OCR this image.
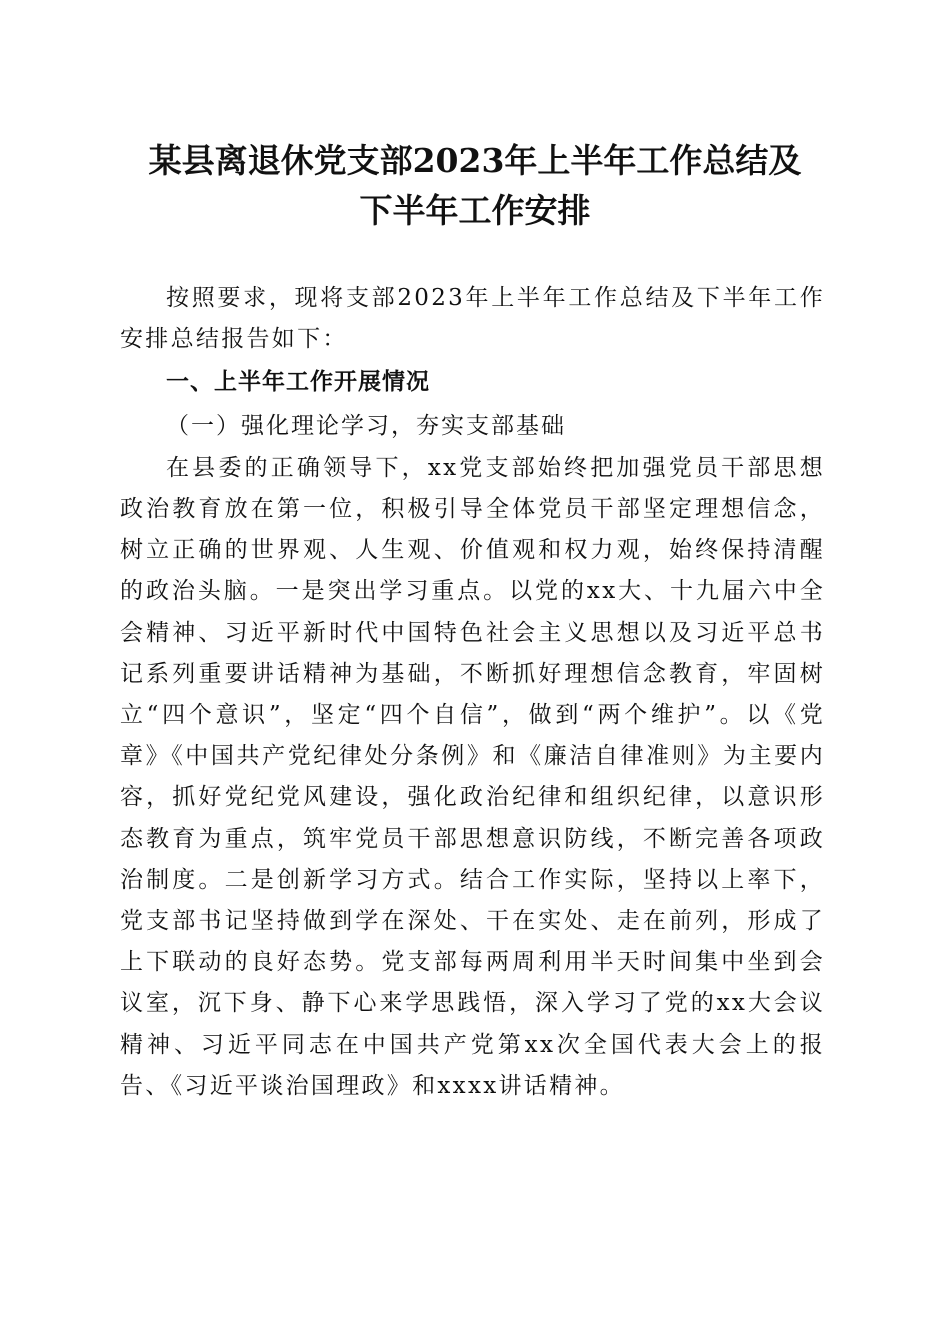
某县离退休党支部2023年上半年工作总结及
下半年工作安排

按照要求，现将支部2023年上半年工作总结及下半年工作安排总结报告如下：

一、上半年工作开展情况

（一）强化理论学习，夯实支部基础

在县委的正确领导下，xx党支部始终把加强党员干部思想政治教育放在第一位，积极引导全体党员干部坚定理想信念，树立正确的世界观、人生观、价值观和权力观，始终保持清醒的政治头脑。一是突出学习重点。以党的xx大、十九届六中全会精神、习近平新时代中国特色社会主义思想以及习近平总书记系列重要讲话精神为基础，不断抓好理想信念教育，牢固树立“四个意识”，坚定“四个自信”，做到“两个维护”。以《党章》《中国共产党纪律处分条例》和《廉洁自律准则》为主要内容，抓好党纪党风建设，强化政治纪律和组织纪律，以意识形态教育为重点，筑牢党员干部思想意识防线，不断完善各项政治制度。二是创新学习方式。结合工作实际，坚持以上率下，党支部书记坚持做到学在深处、干在实处、走在前列，形成了上下联动的良好态势。党支部每两周利用半天时间集中坐到会议室，沉下身、静下心来学思践悟，深入学习了党的xx大会议精神、习近平同志在中国共产党第xx次全国代表大会上的报告、《习近平谈治国理政》和xxxx讲话精神。
